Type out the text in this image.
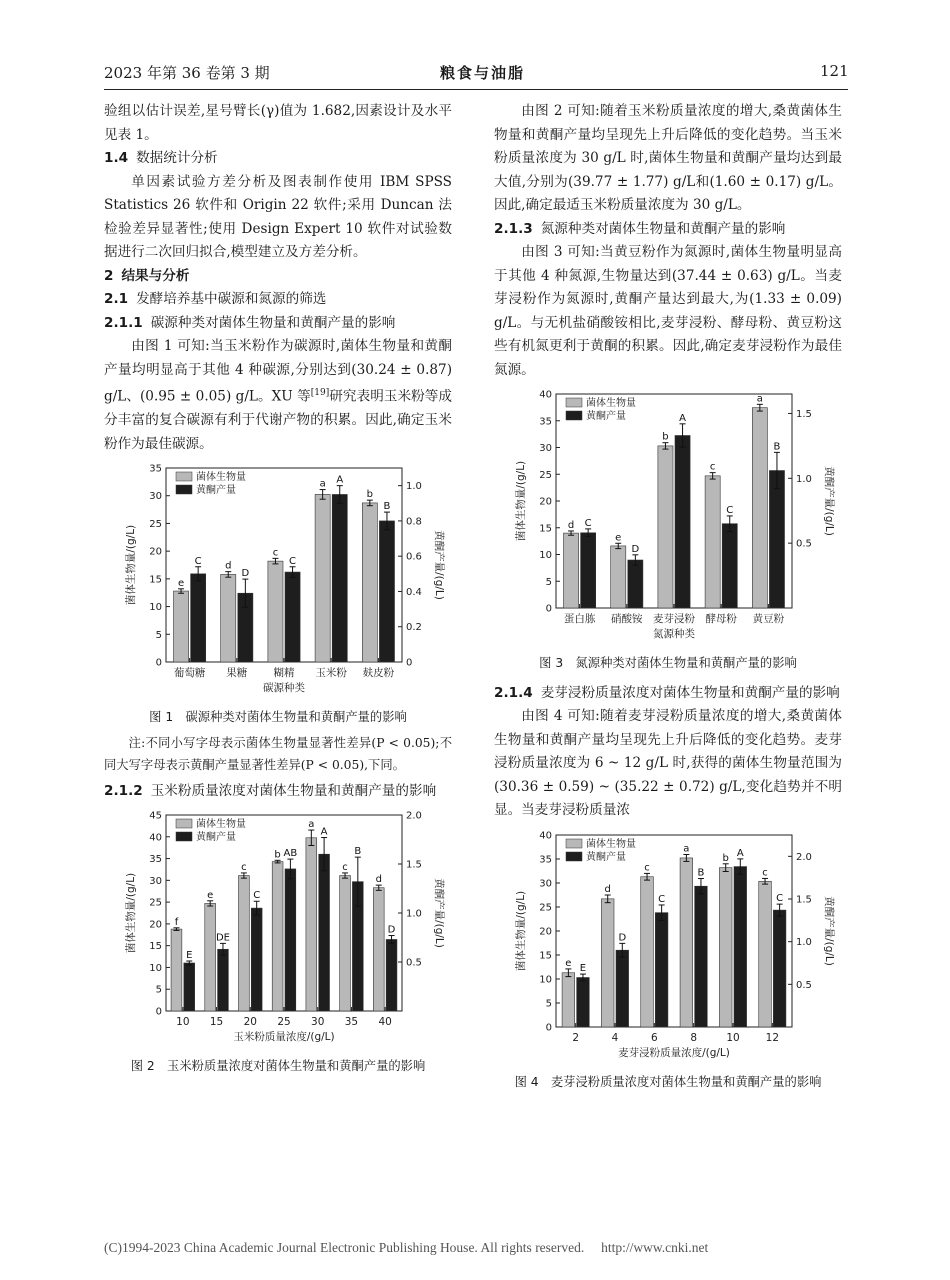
2023 年第 36 卷第 3 期	粮食与油脂	121

验组以估计误差,星号臂长(γ)值为 1.682,因素设计及水平见表 1。

1.4 数据统计分析

单因素试验方差分析及图表制作使用 IBM SPSS Statistics 26 软件和 Origin 22 软件;采用 Duncan 法检验差异显著性;使用 Design Expert 10 软件对试验数据进行二次回归拟合,模型建立及方差分析。

2 结果与分析
2.1 发酵培养基中碳源和氮源的筛选
2.1.1 碳源种类对菌体生物量和黄酮产量的影响

由图 1 可知:当玉米粉作为碳源时,菌体生物量和黄酮产量均明显高于其他 4 种碳源,分别达到(30.24 ± 0.87) g/L、(0.95 ± 0.05) g/L。XU 等[19]研究表明玉米粉等成分丰富的复合碳源有利于代谢产物的积累。因此,确定玉米粉作为最佳碳源。

0
5
10
15
20
25
30
35
0
0.2
0.4
0.6
0.8
1.0
菌体生物量/(g/L)	黄酮产量/(g/L)
葡萄糖
e
C
果糖
d
D
糊精
c
C
玉米粉
a A
麸皮粉
b
B
碳源种类
菌体生物量
黄酮产量
图 1　碳源种类对菌体生物量和黄酮产量的影响

注:不同小写字母表示菌体生物量显著性差异(P < 0.05);不同大写字母表示黄酮产量显著性差异(P < 0.05),下同。

2.1.2 玉米粉质量浓度对菌体生物量和黄酮产量的影响
0
5
10
15
20
25
30
35
40
45
0.5
1.0
1.5
2.0
菌体生物量/(g/L)	黄酮产量/(g/L)
10
f
E
15
e
DE
20
c
C
25
b AB
30
a
A
35
c
B
40
d
D
玉米粉质量浓度/(g/L)
菌体生物量
黄酮产量
图 2　玉米粉质量浓度对菌体生物量和黄酮产量的影响

由图 2 可知:随着玉米粉质量浓度的增大,桑黄菌体生物量和黄酮产量均呈现先上升后降低的变化趋势。当玉米粉质量浓度为 30 g/L 时,菌体生物量和黄酮产量均达到最大值,分别为(39.77 ± 1.77) g/L和(1.60 ± 0.17) g/L。因此,确定最适玉米粉质量浓度为 30 g/L。

2.1.3 氮源种类对菌体生物量和黄酮产量的影响

由图 3 可知:当黄豆粉作为氮源时,菌体生物量明显高于其他 4 种氮源,生物量达到(37.44 ± 0.63) g/L。当麦芽浸粉作为氮源时,黄酮产量达到最大,为(1.33 ± 0.09) g/L。与无机盐硝酸铵相比,麦芽浸粉、酵母粉、黄豆粉这些有机氮更利于黄酮的积累。因此,确定麦芽浸粉作为最佳氮源。

0
5
10
15
20
25
30
35
40
0.5
1.0
1.5
菌体生物量/(g/L)	黄酮产量/(g/L)
蛋白胨
d C
硝酸铵
e
D
麦芽浸粉
b
A
酵母粉
c
C
黄豆粉
a
B
氮源种类
菌体生物量
黄酮产量
图 3　氮源种类对菌体生物量和黄酮产量的影响
2.1.4 麦芽浸粉质量浓度对菌体生物量和黄酮产量的影响

由图 4 可知:随着麦芽浸粉质量浓度的增大,桑黄菌体生物量和黄酮产量均呈现先上升后降低的变化趋势。麦芽浸粉质量浓度为 6 ~ 12 g/L 时,获得的菌体生物量范围为(30.36 ± 0.59) ~ (35.22 ± 0.72) g/L,变化趋势并不明显。当麦芽浸粉质量浓

0
5
10
15
20
25
30
35
40
0.5
1.0
1.5
2.0
菌体生物量/(g/L)	黄酮产量/(g/L)
2
e E
4
d
D
6
c
C
8
a
B
10
b A
12
c
C
麦芽浸粉质量浓度/(g/L)
菌体生物量
黄酮产量
图 4　麦芽浸粉质量浓度对菌体生物量和黄酮产量的影响
(C)1994-2023 China Academic Journal Electronic Publishing House. All rights reserved.　 http://www.cnki.net
